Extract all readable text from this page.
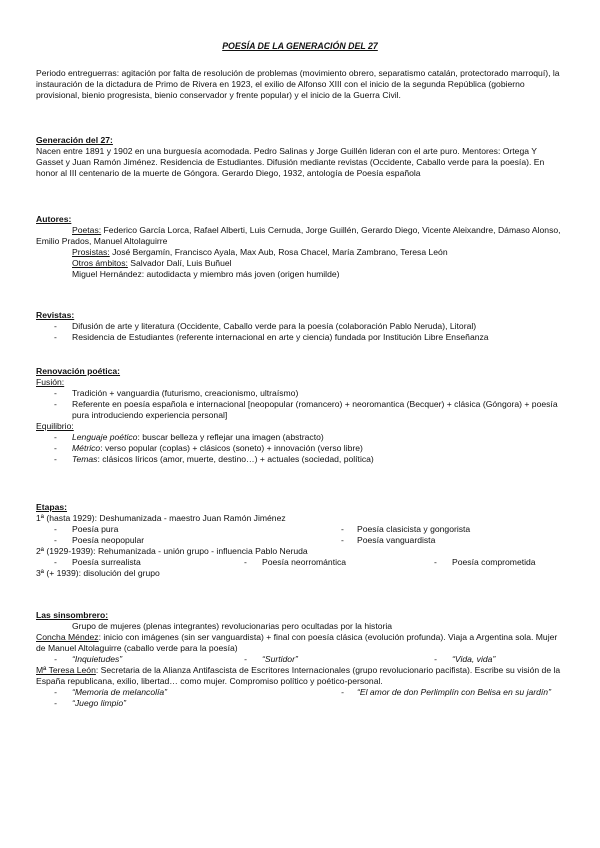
POESÍA DE LA GENERACIÓN DEL 27

Periodo entreguerras: agitación por falta de resolución de problemas (movimiento obrero, separatismo catalán, protectorado marroquí), la instauración de la dictadura de Primo de Rivera en 1923, el exilio de Alfonso XIII con el inicio de la segunda República (gobierno provisional, bienio progresista, bienio conservador y frente popular) y el inicio de la Guerra Civil.

Generación del 27:

Nacen entre 1891 y 1902 en una burguesía acomodada. Pedro Salinas y Jorge Guillén lideran con el arte puro. Mentores: Ortega Y Gasset y Juan Ramón Jiménez. Residencia de Estudiantes. Difusión mediante revistas (Occidente, Caballo verde para la poesía). En honor al III centenario de la muerte de Góngora. Gerardo Diego, 1932, antología de Poesía española

Autores:

Poetas: Federico García Lorca, Rafael Alberti, Luis Cernuda, Jorge Guillén, Gerardo Diego, Vicente Aleixandre, Dámaso Alonso, Emilio Prados, Manuel Altolaguirre

Prosistas: José Bergamín, Francisco Ayala, Max Aub, Rosa Chacel, María Zambrano, Teresa León

Otros ámbitos: Salvador Dalí, Luis Buñuel

Miguel Hernández: autodidacta y miembro más joven (origen humilde)

Revistas:

- Difusión de arte y literatura (Occidente, Caballo verde para la poesía (colaboración Pablo Neruda), Litoral)

- Residencia de Estudiantes (referente internacional en arte y ciencia) fundada por Institución Libre Enseñanza

Renovación poética:

Fusión:

- Tradición + vanguardia (futurismo, creacionismo, ultraísmo)

- Referente en poesía española e internacional [neopopular (romancero) + neoromantica (Becquer) + clásica (Góngora) + poesía pura introduciendo experiencia personal]

Equilibrio:

- Lenguaje poético: buscar belleza y reflejar una imagen (abstracto)

- Métrico: verso popular (coplas) + clásicos (soneto) + innovación (verso libre)

- Temas: clásicos líricos (amor, muerte, destino…) + actuales (sociedad, política)

Etapas:

1ª (hasta 1929): Deshumanizada - maestro Juan Ramón Jiménez

- Poesía pura	- Poesía clasicista y gongorista
- Poesía neopopular	- Poesía vanguardista

2ª (1929-1939): Rehumanizada - unión grupo - influencia Pablo Neruda

- Poesía surrealista	- Poesía neorromántica	- Poesía comprometida

3ª (+ 1939): disolución del grupo

Las sinsombrero:

Grupo de mujeres (plenas integrantes) revolucionarias pero ocultadas por la historia

Concha Méndez: inicio con imágenes (sin ser vanguardista) + final con poesía clásica (evolución profunda). Viaja a Argentina sola. Mujer de Manuel Altolaguirre (caballo verde para la poesía)

- “Inquietudes”	- “Surtidor”	- “Vida, vida”

Mª Teresa León: Secretaria de la Alianza Antifascista de Escritores Internacionales (grupo revolucionario pacifista). Escribe su visión de la España republicana, exilio, libertad… como mujer. Compromiso político y poético-personal.

- “Memoria de melancolía”	- “El amor de don Perlimplín con Belisa en su jardín”
- “Juego limpio”
